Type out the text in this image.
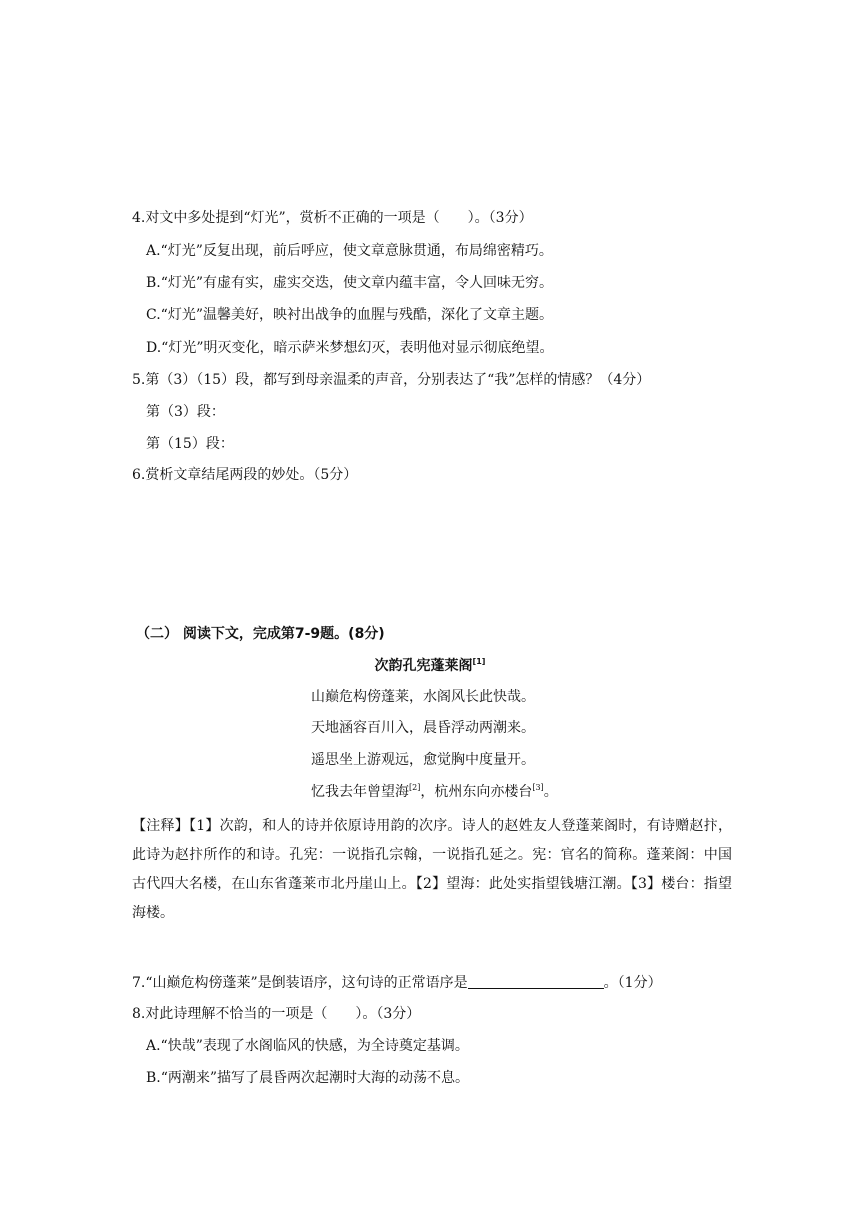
4.对文中多处提到“灯光”，赏析不正确的一项是（　　）。（3分）
A.“灯光”反复出现，前后呼应，使文章意脉贯通，布局绵密精巧。
B.“灯光”有虚有实，虚实交迭，使文章内蕴丰富，令人回味无穷。
C.“灯光”温馨美好，映衬出战争的血腥与残酷，深化了文章主题。
D.“灯光”明灭变化，暗示萨米梦想幻灭，表明他对显示彻底绝望。
5.第（3）（15）段，都写到母亲温柔的声音，分别表达了“我”怎样的情感？（4分）
第（3）段：
第（15）段：
6.赏析文章结尾两段的妙处。（5分）
（二） 阅读下文，完成第7-9题。(8分)
次韵孔宪蓬莱阁[1]
山巅危构傍蓬莱，水阁风长此快哉。
天地涵容百川入，晨昏浮动两潮来。
遥思坐上游观远，愈觉胸中度量开。
忆我去年曾望海[2]，杭州东向亦楼台[3]。
【注释】【1】次韵，和人的诗并依原诗用韵的次序。诗人的赵姓友人登蓬莱阁时，有诗赠赵抃，此诗为赵抃所作的和诗。孔宪：一说指孔宗翰，一说指孔延之。宪：官名的简称。蓬莱阁：中国古代四大名楼，在山东省蓬莱市北丹崖山上。【2】望海：此处实指望钱塘江潮。【3】楼台：指望海楼。
7.“山巅危构傍蓬莱”是倒装语序，这句诗的正常语序是	。（1分）
8.对此诗理解不恰当的一项是（　　）。（3分）
A.“快哉”表现了水阁临风的快感，为全诗奠定基调。
B.“两潮来”描写了晨昏两次起潮时大海的动荡不息。
